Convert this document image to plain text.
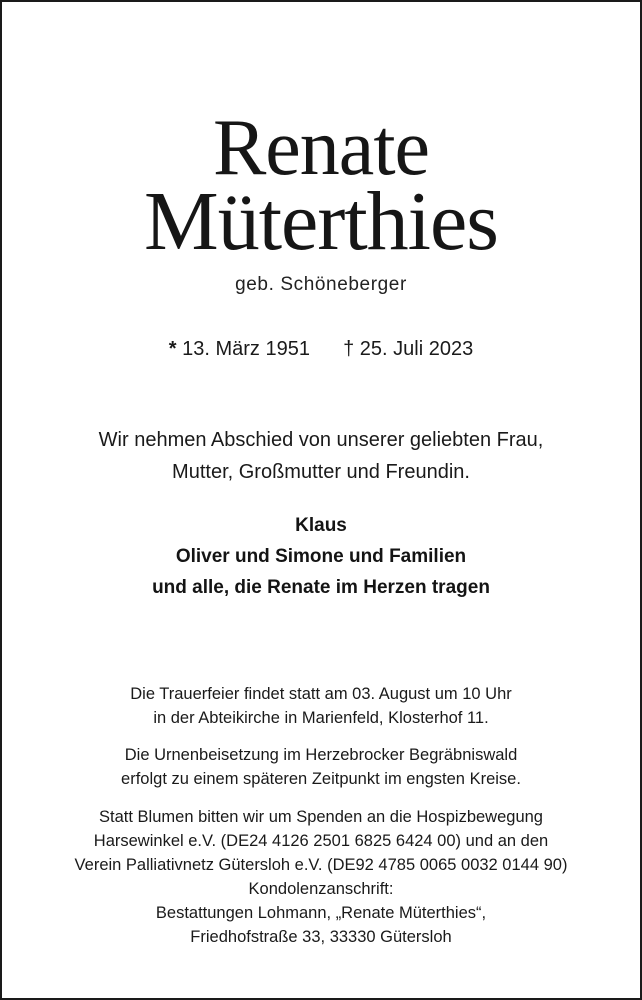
Renate
Müterthies
geb. Schöneberger
* 13. März 1951 † 25. Juli 2023
Wir nehmen Abschied von unserer geliebten Frau,
Mutter, Großmutter und Freundin.
Klaus
Oliver und Simone und Familien
und alle, die Renate im Herzen tragen
Die Trauerfeier findet statt am 03. August um 10 Uhr
in der Abteikirche in Marienfeld, Klosterhof 11.
Die Urnenbeisetzung im Herzebrocker Begräbniswald
erfolgt zu einem späteren Zeitpunkt im engsten Kreise.
Statt Blumen bitten wir um Spenden an die Hospizbewegung
Harsewinkel e.V. (DE24 4126 2501 6825 6424 00) und an den
Verein Palliativnetz Gütersloh e.V. (DE92 4785 0065 0032 0144 90)
Kondolenzanschrift:
Bestattungen Lohmann, „Renate Müterthies“,
Friedhofstraße 33, 33330 Gütersloh
